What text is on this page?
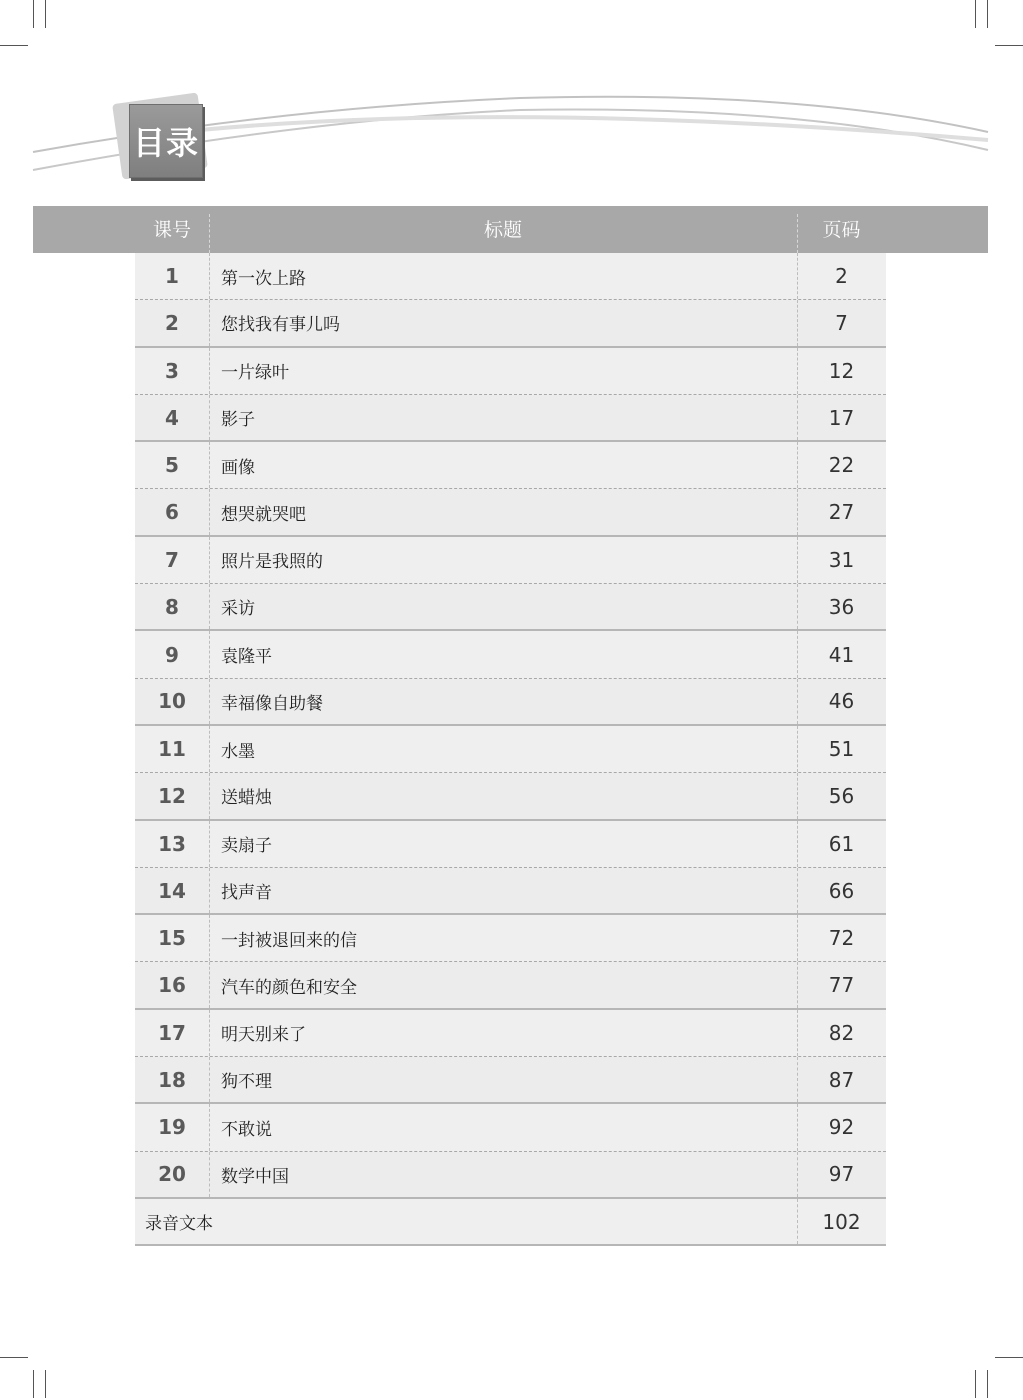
目录
课号	标题	页码
1	第一次上路	2
2	您找我有事儿吗	7
3	一片绿叶	12
4	影子	17
5	画像	22
6	想哭就哭吧	27
7	照片是我照的	31
8	采访	36
9	袁隆平	41
10	幸福像自助餐	46
11	水墨	51
12	送蜡烛	56
13	卖扇子	61
14	找声音	66
15	一封被退回来的信	72
16	汽车的颜色和安全	77
17	明天别来了	82
18	狗不理	87
19	不敢说	92
20	数学中国	97
录音文本	102
